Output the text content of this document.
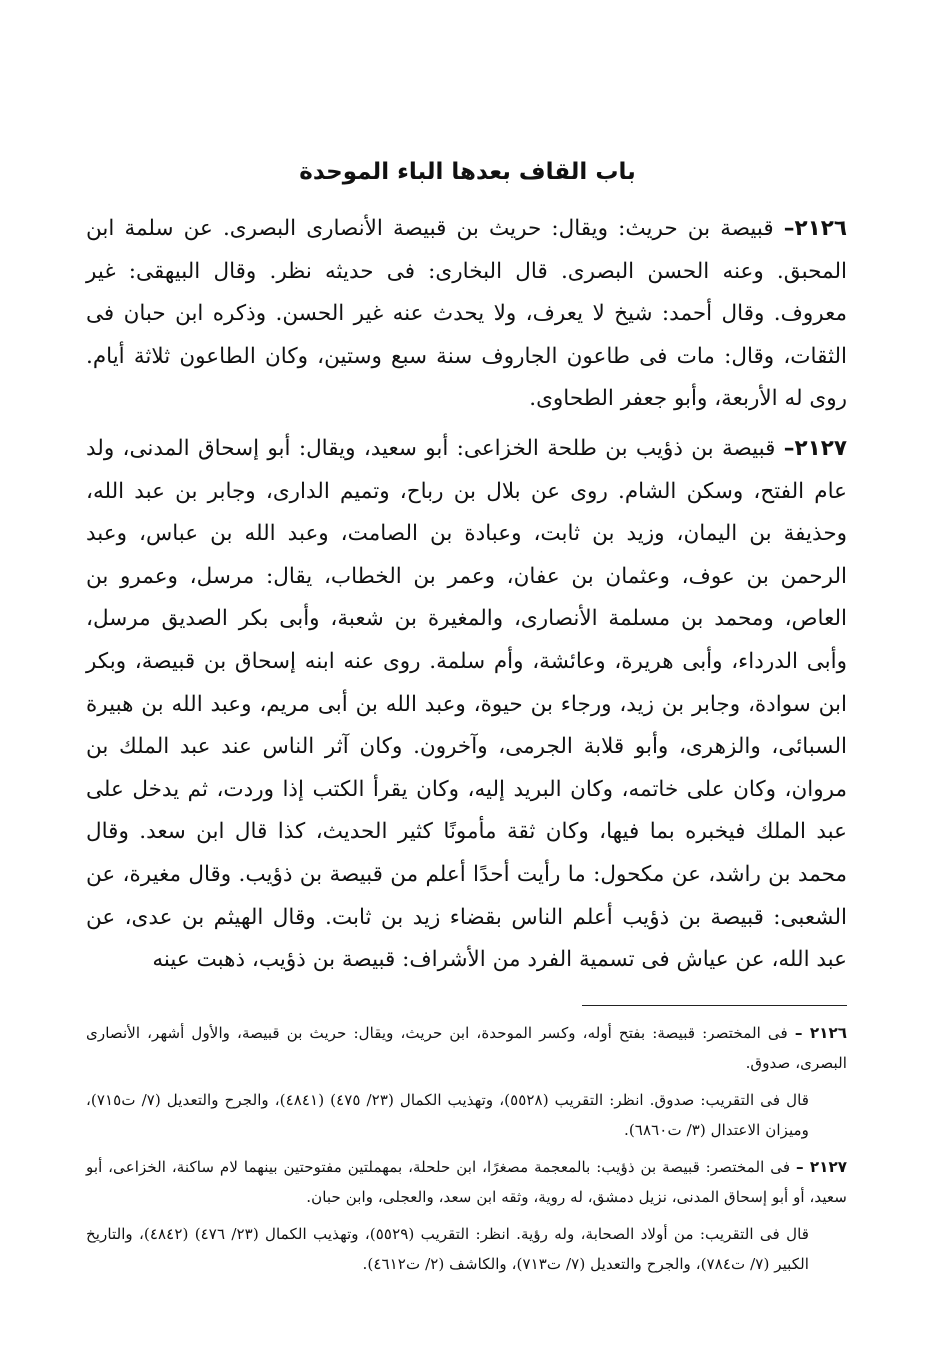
باب القاف بعدها الباء الموحدة

٢١٢٦– قبيصة بن حريث: ويقال: حريث بن قبيصة الأنصارى البصرى. عن سلمة ابن المحبق. وعنه الحسن البصرى. قال البخارى: فى حديثه نظر. وقال البيهقى: غير معروف. وقال أحمد: شيخ لا يعرف، ولا يحدث عنه غير الحسن. وذكره ابن حبان فى الثقات، وقال: مات فى طاعون الجاروف سنة سبع وستين، وكان الطاعون ثلاثة أيام. روى له الأربعة، وأبو جعفر الطحاوى.

٢١٢٧– قبيصة بن ذؤيب بن طلحة الخزاعى: أبو سعيد، ويقال: أبو إسحاق المدنى، ولد عام الفتح، وسكن الشام. روى عن بلال بن رباح، وتميم الدارى، وجابر بن عبد الله، وحذيفة بن اليمان، وزيد بن ثابت، وعبادة بن الصامت، وعبد الله بن عباس، وعبد الرحمن بن عوف، وعثمان بن عفان، وعمر بن الخطاب، يقال: مرسل، وعمرو بن العاص، ومحمد بن مسلمة الأنصارى، والمغيرة بن شعبة، وأبى بكر الصديق مرسل، وأبى الدرداء، وأبى هريرة، وعائشة، وأم سلمة. روى عنه ابنه إسحاق بن قبيصة، وبكر ابن سوادة، وجابر بن زيد، ورجاء بن حيوة، وعبد الله بن أبى مريم، وعبد الله بن هبيرة السبائى، والزهرى، وأبو قلابة الجرمى، وآخرون. وكان آثر الناس عند عبد الملك بن مروان، وكان على خاتمه، وكان البريد إليه، وكان يقرأ الكتب إذا وردت، ثم يدخل على عبد الملك فيخبره بما فيها، وكان ثقة مأمونًا كثير الحديث، كذا قال ابن سعد. وقال محمد بن راشد، عن مكحول: ما رأيت أحدًا أعلم من قبيصة بن ذؤيب. وقال مغيرة، عن الشعبى: قبيصة بن ذؤيب أعلم الناس بقضاء زيد بن ثابت. وقال الهيثم بن عدى، عن عبد الله، عن عياش فى تسمية الفرد من الأشراف: قبيصة بن ذؤيب، ذهبت عينه

٢١٢٦ – فى المختصر: قبيصة: بفتح أوله، وكسر الموحدة، ابن حريث، ويقال: حريث بن قبيصة، والأول أشهر، الأنصارى البصرى، صدوق.

قال فى التقريب: صدوق. انظر: التقريب (٥٥٢٨)، وتهذيب الكمال (٢٣/ ٤٧٥) (٤٨٤١)، والجرح والتعديل (٧/ ت٧١٥)، وميزان الاعتدال (٣/ ت٦٨٦٠).

٢١٢٧ – فى المختصر: قبيصة بن ذؤيب: بالمعجمة مصغرًا، ابن حلحلة، بمهملتين مفتوحتين بينهما لام ساكنة، الخزاعى، أبو سعيد، أو أبو إسحاق المدنى، نزيل دمشق، له روية، وثقه ابن سعد، والعجلى، وابن حبان.

قال فى التقريب: من أولاد الصحابة، وله رؤية. انظر: التقريب (٥٥٢٩)، وتهذيب الكمال (٢٣/ ٤٧٦) (٤٨٤٢)، والتاريخ الكبير (٧/ ت٧٨٤)، والجرح والتعديل (٧/ ت٧١٣)، والكاشف (٢/ ت٤٦١٢).
